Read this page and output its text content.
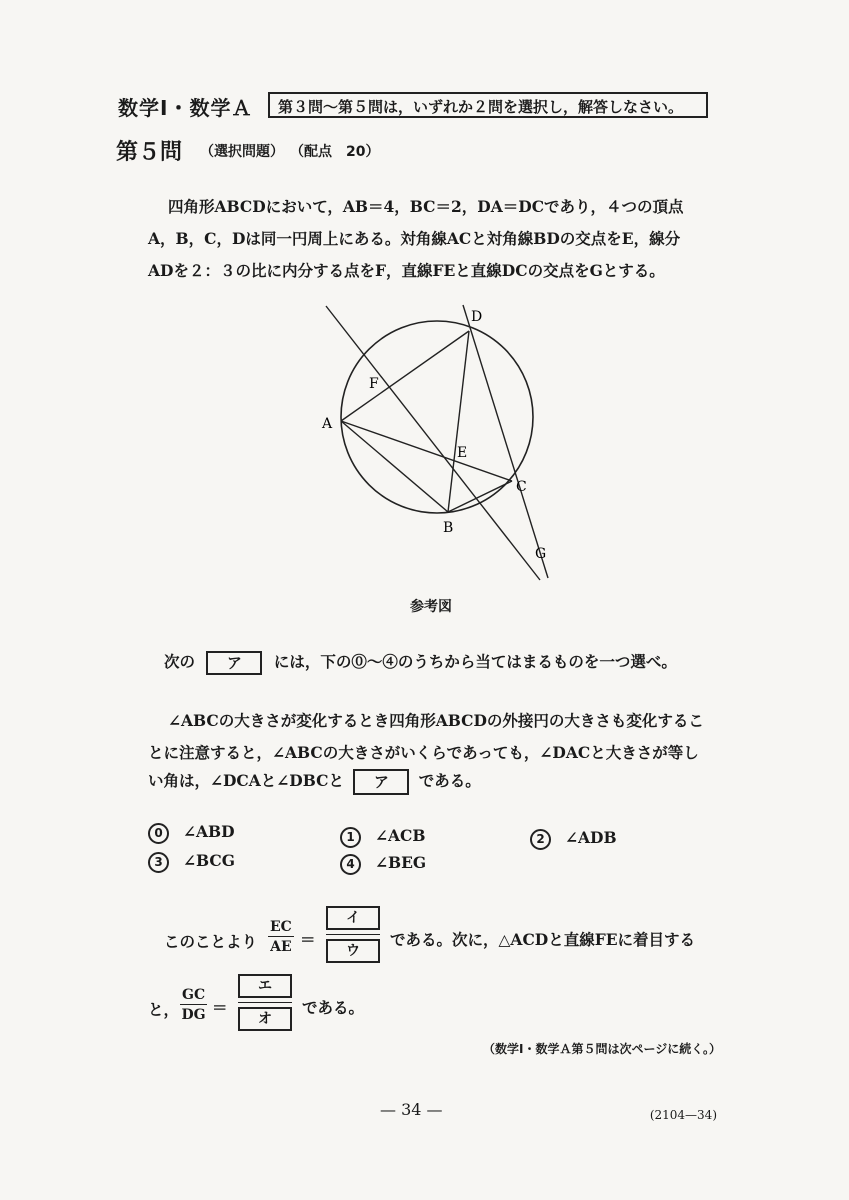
数学Ⅰ・数学Ａ	第３問～第５問は，いずれか２問を選択し，解答しなさい。
第５問 （選択問題） （配点　20）
四角形ABCDにおいて，AB＝4，BC＝2，DA＝DCであり，４つの頂点
A，B，C，Dは同一円周上にある。対角線ACと対角線BDの交点をE，線分
ADを２：３の比に内分する点をF，直線FEと直線DCの交点をGとする。
D
F
A
E
C
B
G
参考図
次の ア には，下の⓪～④のうちから当てはまるものを一つ選べ。
∠ABCの大きさが変化するとき四角形ABCDの外接円の大きさも変化するこ
とに注意すると，∠ABCの大きさがいくらであっても，∠DACと大きさが等し
い角は，∠DCAと∠DBCと ア である。
0 ∠ABD	1 ∠ACB	2 ∠ADB
3 ∠BCG	4 ∠BEG
このことより $\frac{EC}{AE}$ ＝
イ
ウ
である。次に，△ACDと直線FEに着目する
と， $\frac{GC}{DG}$ ＝
エ
オ
である。
（数学Ⅰ・数学Ａ第５問は次ページに続く。）
— 34 —	(2104—34)
